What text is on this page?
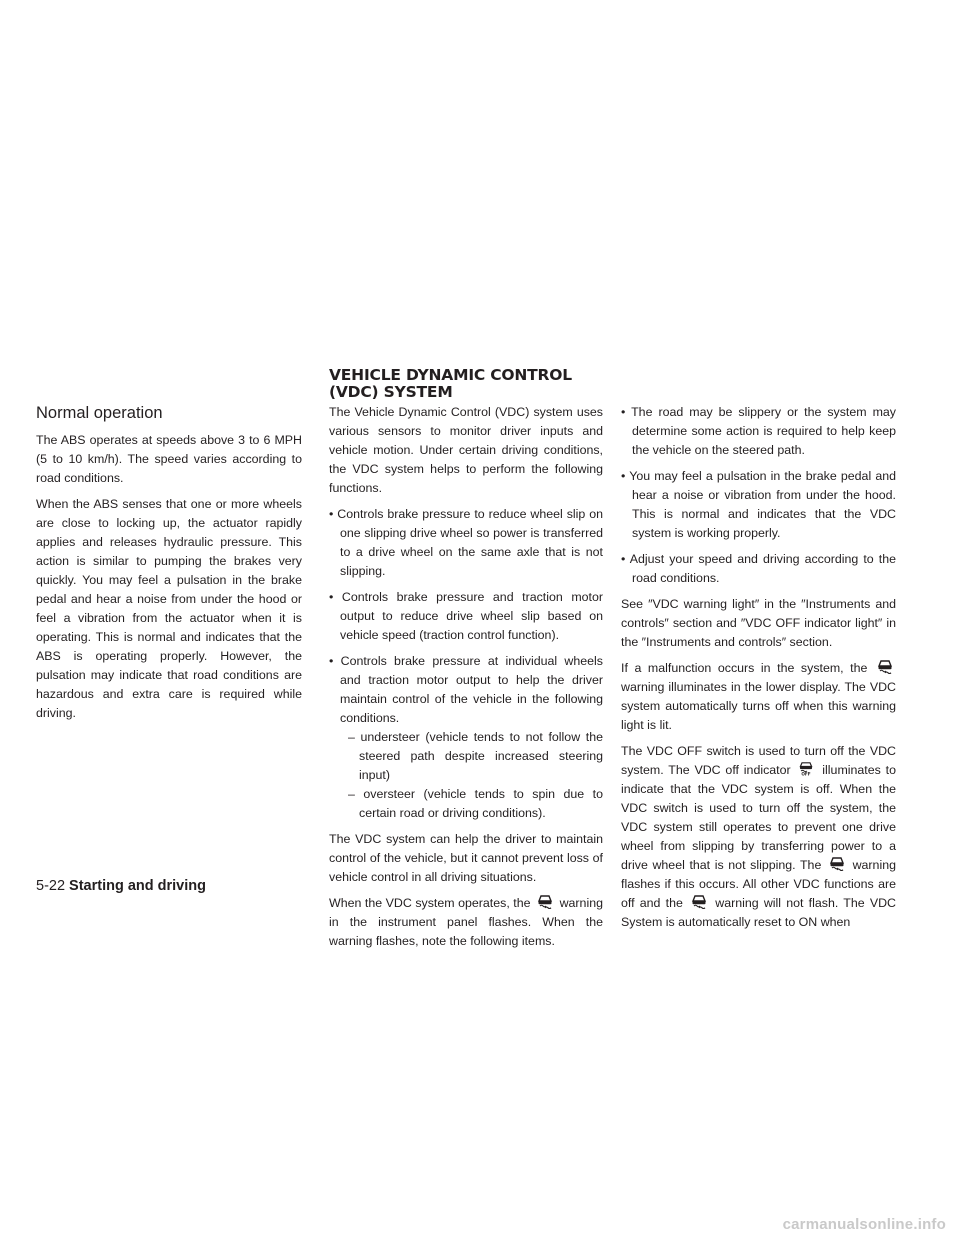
Normal operation

The ABS operates at speeds above 3 to 6 MPH (5 to 10 km/h). The speed varies according to road conditions.

When the ABS senses that one or more wheels are close to locking up, the actuator rapidly applies and releases hydraulic pressure. This action is similar to pumping the brakes very quickly. You may feel a pulsation in the brake pedal and hear a noise from under the hood or feel a vibration from the actuator when it is operating. This is normal and indicates that the ABS is operating properly. However, the pulsation may indicate that road conditions are hazardous and extra care is required while driving.

VEHICLE DYNAMIC CONTROL (VDC) SYSTEM

The Vehicle Dynamic Control (VDC) system uses various sensors to monitor driver inputs and vehicle motion. Under certain driving conditions, the VDC system helps to perform the following functions.

• Controls brake pressure to reduce wheel slip on one slipping drive wheel so power is transferred to a drive wheel on the same axle that is not slipping.

• Controls brake pressure and traction motor output to reduce drive wheel slip based on vehicle speed (traction control function).

• Controls brake pressure at individual wheels and traction motor output to help the driver maintain control of the vehicle in the following conditions.

– understeer (vehicle tends to not follow the steered path despite increased steering input)

– oversteer (vehicle tends to spin due to certain road or driving conditions).

The VDC system can help the driver to maintain control of the vehicle, but it cannot prevent loss of vehicle control in all driving situations.

When the VDC system operates, the warning in the instrument panel flashes. When the warning flashes, note the following items.

• The road may be slippery or the system may determine some action is required to help keep the vehicle on the steered path.

• You may feel a pulsation in the brake pedal and hear a noise or vibration from under the hood. This is normal and indicates that the VDC system is working properly.

• Adjust your speed and driving according to the road conditions.

See ″VDC warning light″ in the ″Instruments and controls″ section and ″VDC OFF indicator light″ in the ″Instruments and controls″ section.

If a malfunction occurs in the system, the  warning illuminates in the lower display. The VDC system automatically turns off when this warning light is lit.

The VDC OFF switch is used to turn off the VDC system. The VDC off indicator	OFF illuminates to indicate that the VDC system is off. When the VDC switch is used to turn off the system, the VDC system still operates to prevent one drive wheel from slipping by transferring power to a drive wheel that is not slipping. The	warning flashes if this occurs. All other VDC functions are off and the	warning will not flash. The VDC System is automatically reset to ON when

5-22 Starting and driving
carmanualsonline.info
